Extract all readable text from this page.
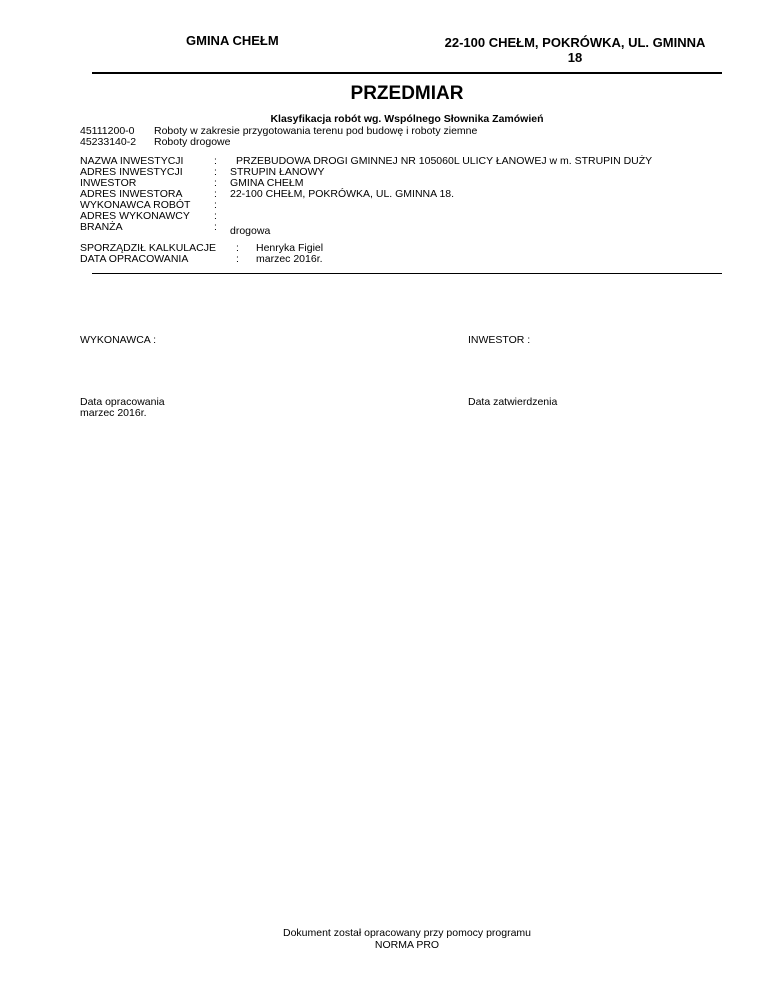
GMINA CHEŁM	22-100 CHEŁM, POKRÓWKA, UL. GMINNA
18
PRZEDMIAR
Klasyfikacja robót wg. Wspólnego Słownika Zamówień
45111200-0 Roboty w zakresie przygotowania terenu pod budowę i roboty ziemne
45233140-2 Roboty drogowe
NAZWA INWESTYCJI	: PRZEBUDOWA DROGI GMINNEJ NR 105060L ULICY ŁANOWEJ w m. STRUPIN DUŻY
ADRES INWESTYCJI	: STRUPIN ŁANOWY
INWESTOR	: GMINA CHEŁM
ADRES INWESTORA	: 22-100 CHEŁM, POKRÓWKA, UL. GMINNA 18.
WYKONAWCA ROBÓT :
ADRES WYKONAWCY :
BRANŻA	: drogowa
SPORZĄDZIŁ KALKULACJE : Henryka Figiel
DATA OPRACOWANIA	: marzec 2016r.
WYKONAWCA :	INWESTOR :
Data opracowania
marzec 2016r.
Data zatwierdzenia
Dokument został opracowany przy pomocy programu
NORMA PRO
